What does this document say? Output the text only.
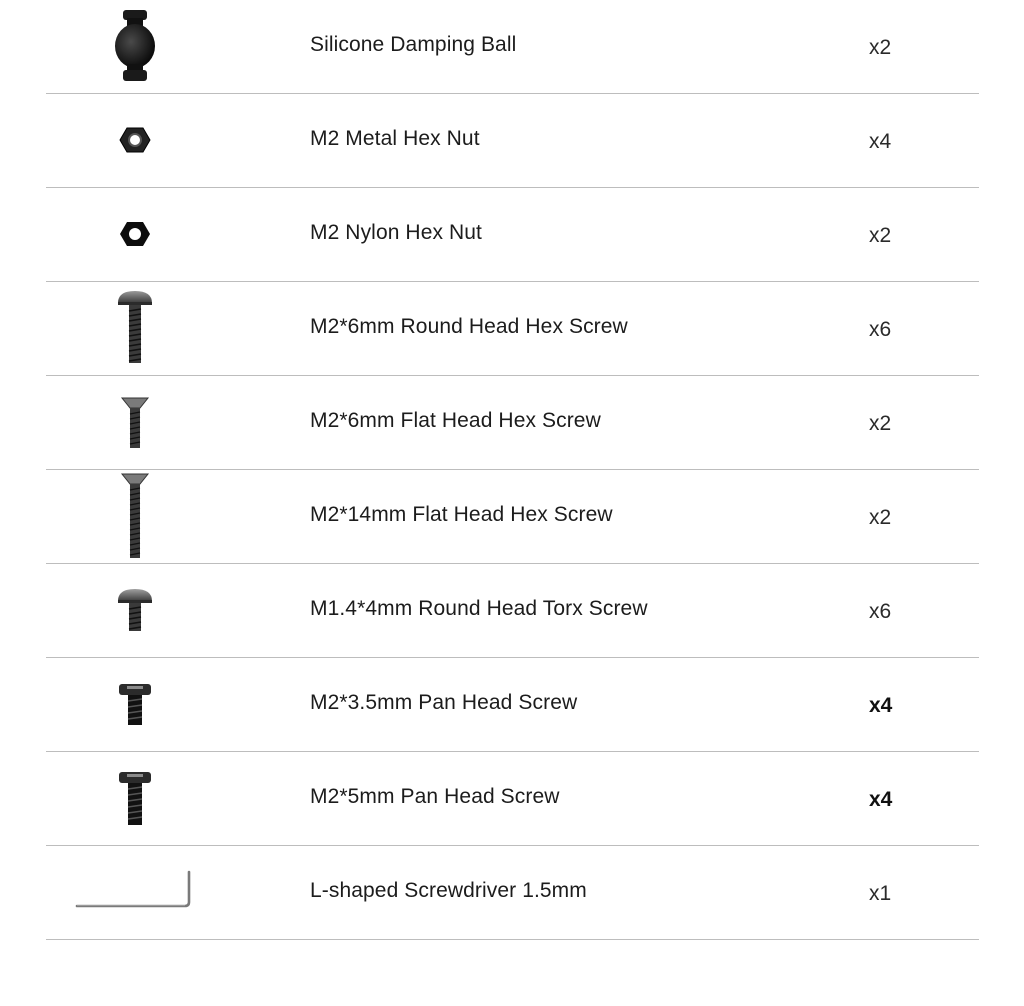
Silicone Damping Ball	x2
M2 Metal Hex Nut	x4
M2 Nylon Hex Nut	x2
M2*6mm Round Head Hex Screw	x6
M2*6mm Flat Head Hex Screw	x2
M2*14mm Flat Head Hex Screw	x2
M1.4*4mm Round Head Torx Screw	x6
M2*3.5mm Pan Head Screw	x4
M2*5mm Pan Head Screw	x4
L-shaped Screwdriver 1.5mm	x1
